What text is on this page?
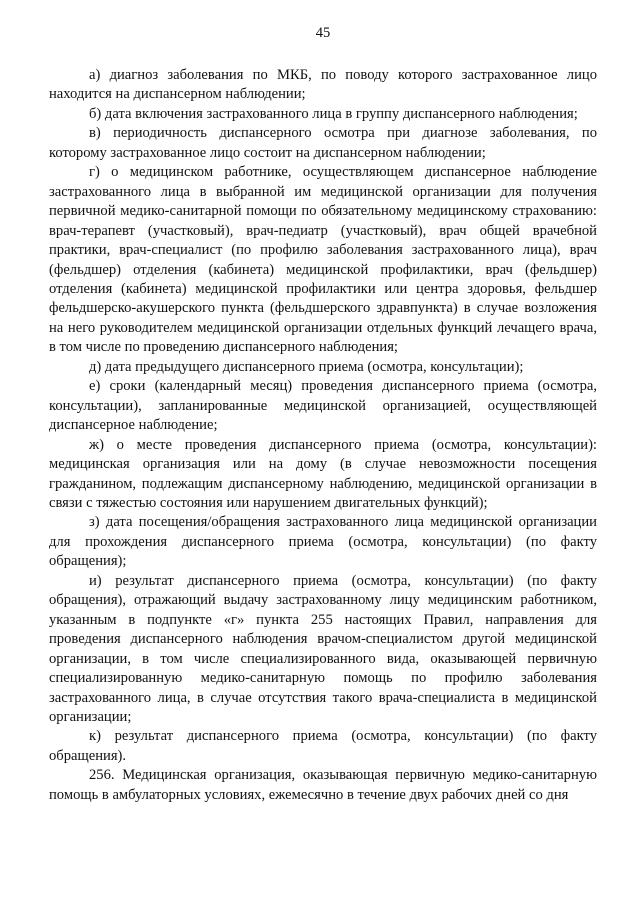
45

а) диагноз заболевания по МКБ, по поводу которого застрахованное лицо находится на диспансерном наблюдении;

б) дата включения застрахованного лица в группу диспансерного наблюдения;

в) периодичность диспансерного осмотра при диагнозе заболевания, по которому застрахованное лицо состоит на диспансерном наблюдении;

г) о медицинском работнике, осуществляющем диспансерное наблюдение застрахованного лица в выбранной им медицинской организации для получения первичной медико-санитарной помощи по обязательному медицинскому страхованию: врач-терапевт (участковый), врач-педиатр (участковый), врач общей врачебной практики, врач-специалист (по профилю заболевания застрахованного лица), врач (фельдшер) отделения (кабинета) медицинской профилактики, врач (фельдшер) отделения (кабинета) медицинской профилактики или центра здоровья, фельдшер фельдшерско-акушерского пункта (фельдшерского здравпункта) в случае возложения на него руководителем медицинской организации отдельных функций лечащего врача, в том числе по проведению диспансерного наблюдения;

д) дата предыдущего диспансерного приема (осмотра, консультации);

е) сроки (календарный месяц) проведения диспансерного приема (осмотра, консультации), запланированные медицинской организацией, осуществляющей диспансерное наблюдение;

ж) о месте проведения диспансерного приема (осмотра, консультации): медицинская организация или на дому (в случае невозможности посещения гражданином, подлежащим диспансерному наблюдению, медицинской организации в связи с тяжестью состояния или нарушением двигательных функций);

з) дата посещения/обращения застрахованного лица медицинской организации для прохождения диспансерного приема (осмотра, консультации) (по факту обращения);

и) результат диспансерного приема (осмотра, консультации) (по факту обращения), отражающий выдачу застрахованному лицу медицинским работником, указанным в подпункте «г» пункта 255 настоящих Правил, направления для проведения диспансерного наблюдения врачом-специалистом другой медицинской организации, в том числе специализированного вида, оказывающей первичную специализированную медико-санитарную помощь по профилю заболевания застрахованного лица, в случае отсутствия такого врача-специалиста в медицинской организации;

к) результат диспансерного приема (осмотра, консультации) (по факту обращения).

256. Медицинская организация, оказывающая первичную медико-санитарную помощь в амбулаторных условиях, ежемесячно в течение двух рабочих дней со дня
